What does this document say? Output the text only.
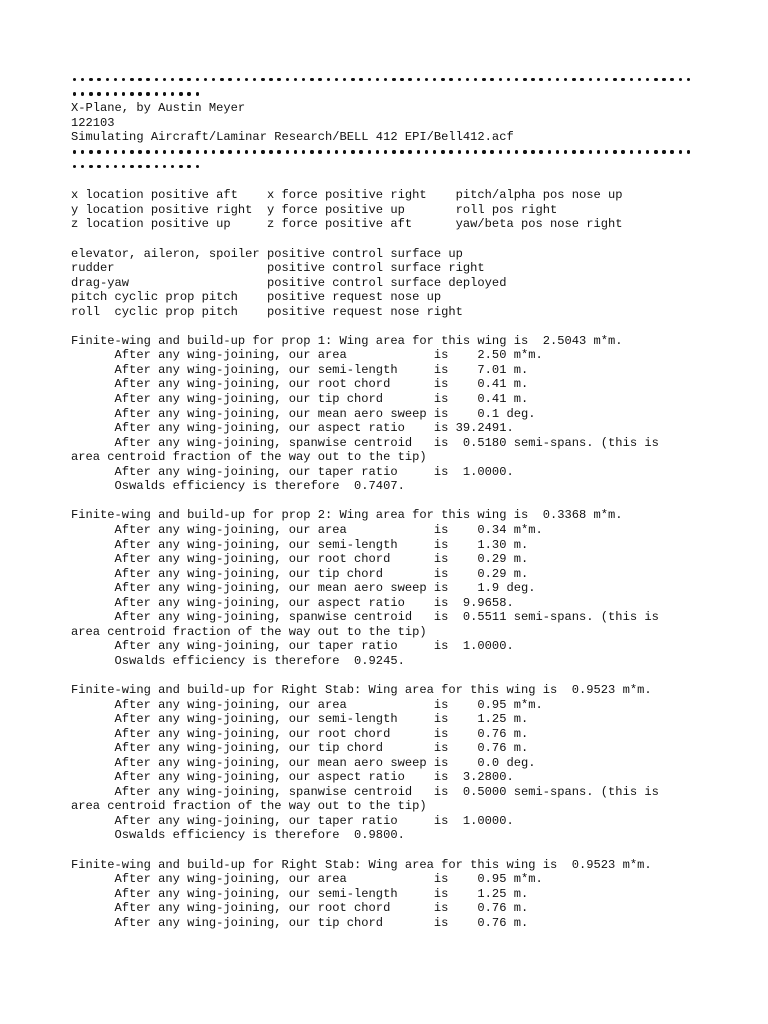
X-Plane, by Austin Meyer

122103

Simulating Aircraft/Laminar Research/BELL 412 EPI/Bell412.acf

x location positive aft    x force positive right    pitch/alpha pos nose up

y location positive right  y force positive up       roll pos right

z location positive up     z force positive aft      yaw/beta pos nose right

elevator, aileron, spoiler positive control surface up

rudder                     positive control surface right

drag-yaw                   positive control surface deployed

pitch cyclic prop pitch    positive request nose up

roll  cyclic prop pitch    positive request nose right

Finite-wing and build-up for prop 1: Wing area for this wing is  2.5043 m*m.

After any wing-joining, our area            is    2.50 m*m.

After any wing-joining, our semi-length     is    7.01 m.

After any wing-joining, our root chord      is    0.41 m.

After any wing-joining, our tip chord       is    0.41 m.

After any wing-joining, our mean aero sweep is    0.1 deg.

After any wing-joining, our aspect ratio    is 39.2491.

After any wing-joining, spanwise centroid   is  0.5180 semi-spans. (this is

area centroid fraction of the way out to the tip)

After any wing-joining, our taper ratio     is  1.0000.

Oswalds efficiency is therefore  0.7407.

Finite-wing and build-up for prop 2: Wing area for this wing is  0.3368 m*m.

After any wing-joining, our area            is    0.34 m*m.

After any wing-joining, our semi-length     is    1.30 m.

After any wing-joining, our root chord      is    0.29 m.

After any wing-joining, our tip chord       is    0.29 m.

After any wing-joining, our mean aero sweep is    1.9 deg.

After any wing-joining, our aspect ratio    is  9.9658.

After any wing-joining, spanwise centroid   is  0.5511 semi-spans. (this is

area centroid fraction of the way out to the tip)

After any wing-joining, our taper ratio     is  1.0000.

Oswalds efficiency is therefore  0.9245.

Finite-wing and build-up for Right Stab: Wing area for this wing is  0.9523 m*m.

After any wing-joining, our area            is    0.95 m*m.

After any wing-joining, our semi-length     is    1.25 m.

After any wing-joining, our root chord      is    0.76 m.

After any wing-joining, our tip chord       is    0.76 m.

After any wing-joining, our mean aero sweep is    0.0 deg.

After any wing-joining, our aspect ratio    is  3.2800.

After any wing-joining, spanwise centroid   is  0.5000 semi-spans. (this is

area centroid fraction of the way out to the tip)

After any wing-joining, our taper ratio     is  1.0000.

Oswalds efficiency is therefore  0.9800.

Finite-wing and build-up for Right Stab: Wing area for this wing is  0.9523 m*m.

After any wing-joining, our area            is    0.95 m*m.

After any wing-joining, our semi-length     is    1.25 m.

After any wing-joining, our root chord      is    0.76 m.

After any wing-joining, our tip chord       is    0.76 m.
